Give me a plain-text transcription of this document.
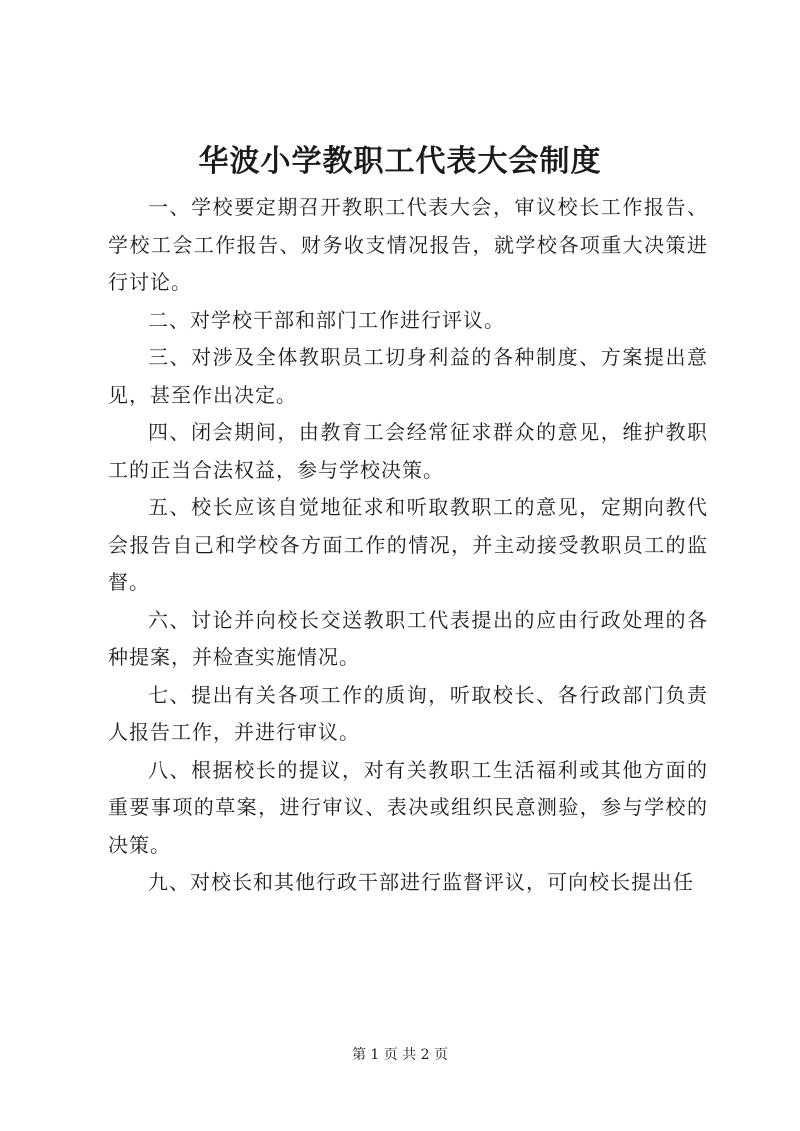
华波小学教职工代表大会制度

一、学校要定期召开教职工代表大会，审议校长工作报告、学校工会工作报告、财务收支情况报告，就学校各项重大决策进行讨论。

二、对学校干部和部门工作进行评议。

三、对涉及全体教职员工切身利益的各种制度、方案提出意见，甚至作出决定。

四、闭会期间，由教育工会经常征求群众的意见，维护教职工的正当合法权益，参与学校决策。

五、校长应该自觉地征求和听取教职工的意见，定期向教代会报告自己和学校各方面工作的情况，并主动接受教职员工的监督。

六、讨论并向校长交送教职工代表提出的应由行政处理的各种提案，并检查实施情况。

七、提出有关各项工作的质询，听取校长、各行政部门负责人报告工作，并进行审议。

八、根据校长的提议，对有关教职工生活福利或其他方面的重要事项的草案，进行审议、表决或组织民意测验，参与学校的决策。

九、对校长和其他行政干部进行监督评议，可向校长提出任

第 1 页 共 2 页
